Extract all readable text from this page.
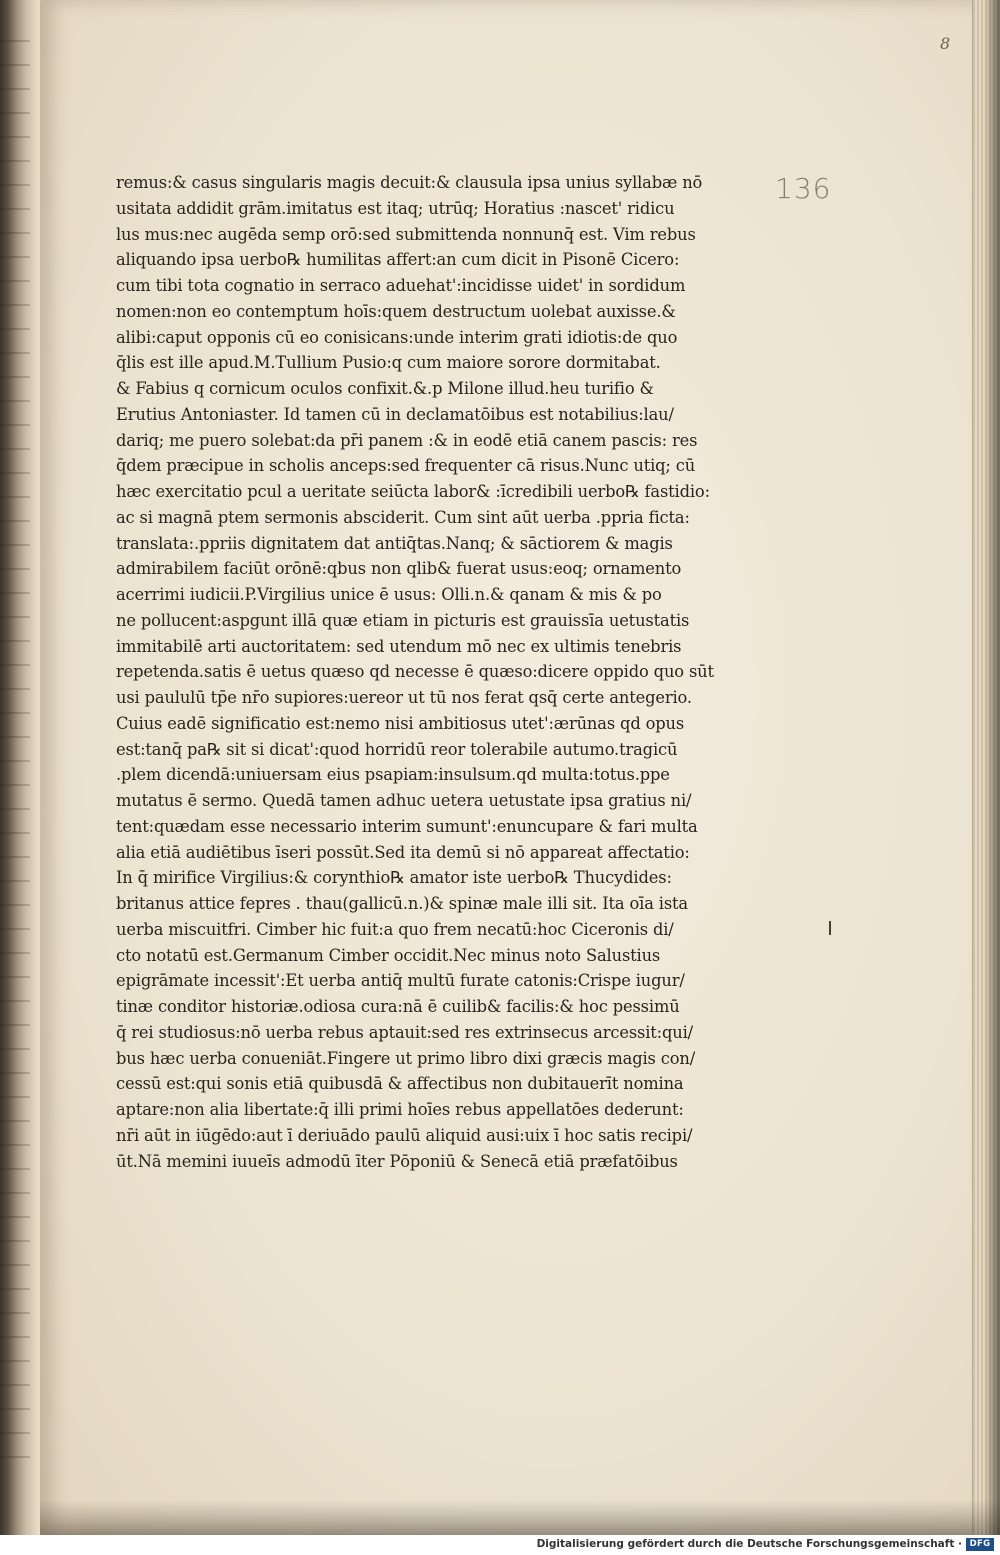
8
136
remus:& casus singularis magis decuit:& clausula ipsa unius syllabæ nō
usitata addidit grām.imitatus est itaq; utrūq; Horatius :nascet' ridicu
lus mus:nec augēda semp orō:sed submittenda nonnunq̄ est. Vim rebus
aliquando ipsa uerbo℞ humilitas affert:an cum dicit in Pisonē Cicero:
cum tibi tota cognatio in serraco aduehat':incidisse uidet' in sordidum
nomen:non eo contemptum hoīs:quem destructum uolebat auxisse.&
alibi:caput opponis cū eo conisicans:unde interim grati idiotis:de quo
q̄lis est ille apud.M.Tullium Pusio:q cum maiore sorore dormitabat.
& Fabius q cornicum oculos confixit.&.p Milone illud.heu turifio &
Erutius Antoniaster. Id tamen cū in declamatōibus est notabilius:lau/
dariq; me puero solebat:da pr̄i panem :& in eodē etiā canem pascis: res
q̄dem præcipue in scholis anceps:sed frequenter cā risus.Nunc utiq; cū
hæc exercitatio pcul a ueritate seiūcta labor& :īcredibili uerbo℞ fastidio:
ac si magnā ptem sermonis absciderit. Cum sint aūt uerba .ppria ficta:
translata:.ppriis dignitatem dat antiq̄tas.Nanq; & sāctiorem & magis
admirabilem faciūt orōnē:qbus non qlib& fuerat usus:eoq; ornamento
acerrimi iudicii.P.Virgilius unice ē usus: Olli.n.& qanam & mis & po
ne pollucent:aspgunt illā quæ etiam in picturis est grauissīa uetustatis
immitabilē arti auctoritatem: sed utendum mō nec ex ultimis tenebris
repetenda.satis ē uetus quæso qd necesse ē quæso:dicere oppido quo sūt
usi paululū tp̄e nr̄o supiores:uereor ut tū nos ferat qsq̄ certe antegerio.
Cuius eadē significatio est:nemo nisi ambitiosus utet':ærūnas qd opus
est:tanq̄ pa℞ sit si dicat':quod horridū reor tolerabile autumo.tragicū
.plem dicendā:uniuersam eius psapiam:insulsum.qd multa:totus.ppe
mutatus ē sermo. Quedā tamen adhuc uetera uetustate ipsa gratius ni/
tent:quædam esse necessario interim sumunt':enuncupare & fari multa
alia etiā audiētibus īseri possūt.Sed ita demū si nō appareat affectatio:
In q̄ mirifice Virgilius:& corynthio℞ amator iste uerbo℞ Thucydides:
britanus attice fepres . thau(gallicū.n.)& spinæ male illi sit. Ita oīa ista
uerba miscuitfri. Cimber hic fuit:a quo frem necatū:hoc Ciceronis di/
cto notatū est.Germanum Cimber occidit.Nec minus noto Salustius
epigrāmate incessit':Et uerba antiq̄ multū furate catonis:Crispe iugur/
tinæ conditor historiæ.odiosa cura:nā ē cuilib& facilis:& hoc pessimū
q̄ rei studiosus:nō uerba rebus aptauit:sed res extrinsecus arcessit:qui/
bus hæc uerba conueniāt.Fingere ut primo libro dixi græcis magis con/
cessū est:qui sonis etiā quibusdā & affectibus non dubitauerīt nomina
aptare:non alia libertate:q̄ illi primi hoīes rebus appellatōes dederunt:
nr̄i aūt in iūgēdo:aut ī deriuādo paulū aliquid ausi:uix ī hoc satis recipi/
ūt.Nā memini iuueīs admodū īter Pōponiū & Senecā etiā præfatōibus
Digitalisierung gefördert durch die Deutsche Forschungsgemeinschaft · DFG
